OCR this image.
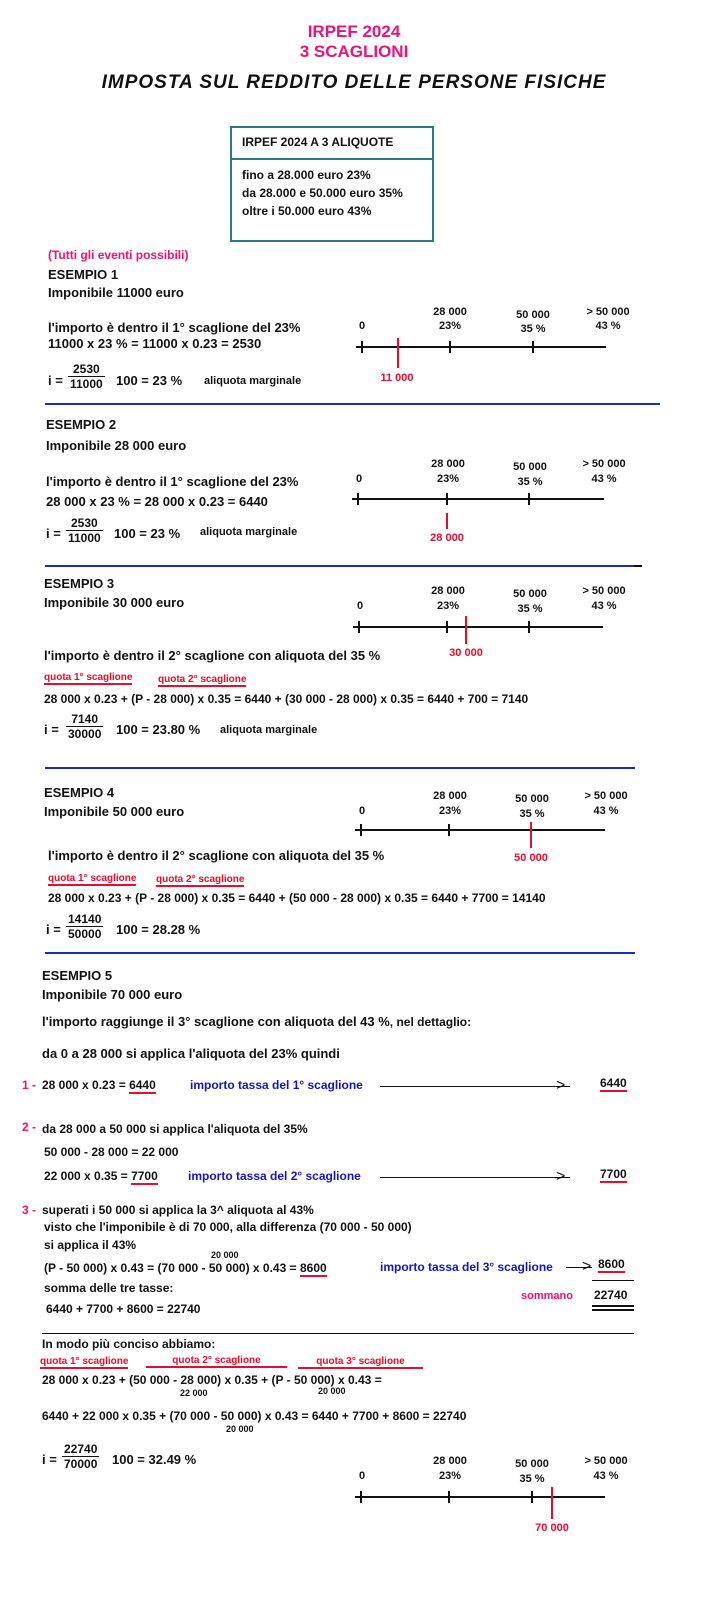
IRPEF 2024
3 SCAGLIONI
IMPOSTA SUL REDDITO DELLE PERSONE FISICHE
IRPEF 2024 A 3 ALIQUOTE
fino a 28.000 euro 23%
da 28.000 e 50.000 euro 35%
oltre i 50.000 euro 43%
(Tutti gli eventi possibili)
ESEMPIO 1
Imponibile 11000 euro
l'importo è dentro il 1° scaglione del 23%
11000 x 23 % = 11000 x 0.23 = 2530
$i = \frac{2530}{11000} 100 = 23$ % aliquota marginale
28 000
23%
50 000
35 %
> 50 000
43 %
0
11 000
ESEMPIO 2
Imponibile 28 000 euro
l'importo è dentro il 1° scaglione del 23%
28 000 x 23 % = 28 000 x 0.23 = 6440
$i = \frac{2530}{11000} 100 = 23$ % aliquota marginale
28 000
23%
50 000
35 %
> 50 000
43 %
0
28 000
ESEMPIO 3
Imponibile 30 000 euro
l'importo è dentro il 2° scaglione con aliquota del 35 %
28 000
23%
50 000
35 %
> 50 000
43 %
0
30 000
quota 1° scaglione	quota 2° scaglione
28 000 x 0.23 + (P - 28 000) x 0.35 = 6440 + (30 000 - 28 000) x 0.35 = 6440 + 700 = 7140
$i = \frac{7140}{30000} 100 = 23.80$ % aliquota marginale
ESEMPIO 4
Imponibile 50 000 euro
l'importo è dentro il 2° scaglione con aliquota del 35 %
28 000
23%
50 000
35 %
> 50 000
43 %
0
50 000
quota 1° scaglione quota 2° scaglione
28 000 x 0.23 + (P - 28 000) x 0.35 = 6440 + (50 000 - 28 000) x 0.35 = 6440 + 7700 = 14140
$i = \frac{14140}{50000} 100 = 28.28$ %
ESEMPIO 5
Imponibile 70 000 euro
l'importo raggiunge il 3° scaglione con aliquota del 43 %, nel dettaglio:
da 0 a 28 000 si applica l'aliquota del 23% quindi
1 - 28 000 x 0.23 = 6440	importo tassa del 1° scaglione	>	6440
2 - da 28 000 a 50 000 si applica l'aliquota del 35%
50 000 - 28 000 = 22 000
22 000 x 0.35 = 7700	importo tassa del 2° scaglione	>	7700
3 - superati i 50 000 si applica la 3^ aliquota al 43%
visto che l'imponibile è di 70 000, alla differenza (70 000 - 50 000)
si applica il 43%
20 000
(P - 50 000) x 0.43 = (70 000 - 50 000) x 0.43 = 8600	importo tassa del 3° scaglione > 8600
somma delle tre tasse:
sommano 22740
6440 + 7700 + 8600 = 22740
In modo più conciso abbiamo:
quota 1° scaglione	quota 2° scaglione	quota 3° scaglione
28 000 x 0.23 + (50 000 - 28 000) x 0.35 + (P - 50 000) x 0.43 =
22 000	20 000
6440 + 22 000 x 0.35 + (70 000 - 50 000) x 0.43 = 6440 + 7700 + 8600 = 22740
20 000
$i = \frac{22740}{70000} 100 = 32.49$ %	28 000
23%
50 000
35 %
> 50 000
43 %
0
70 000
